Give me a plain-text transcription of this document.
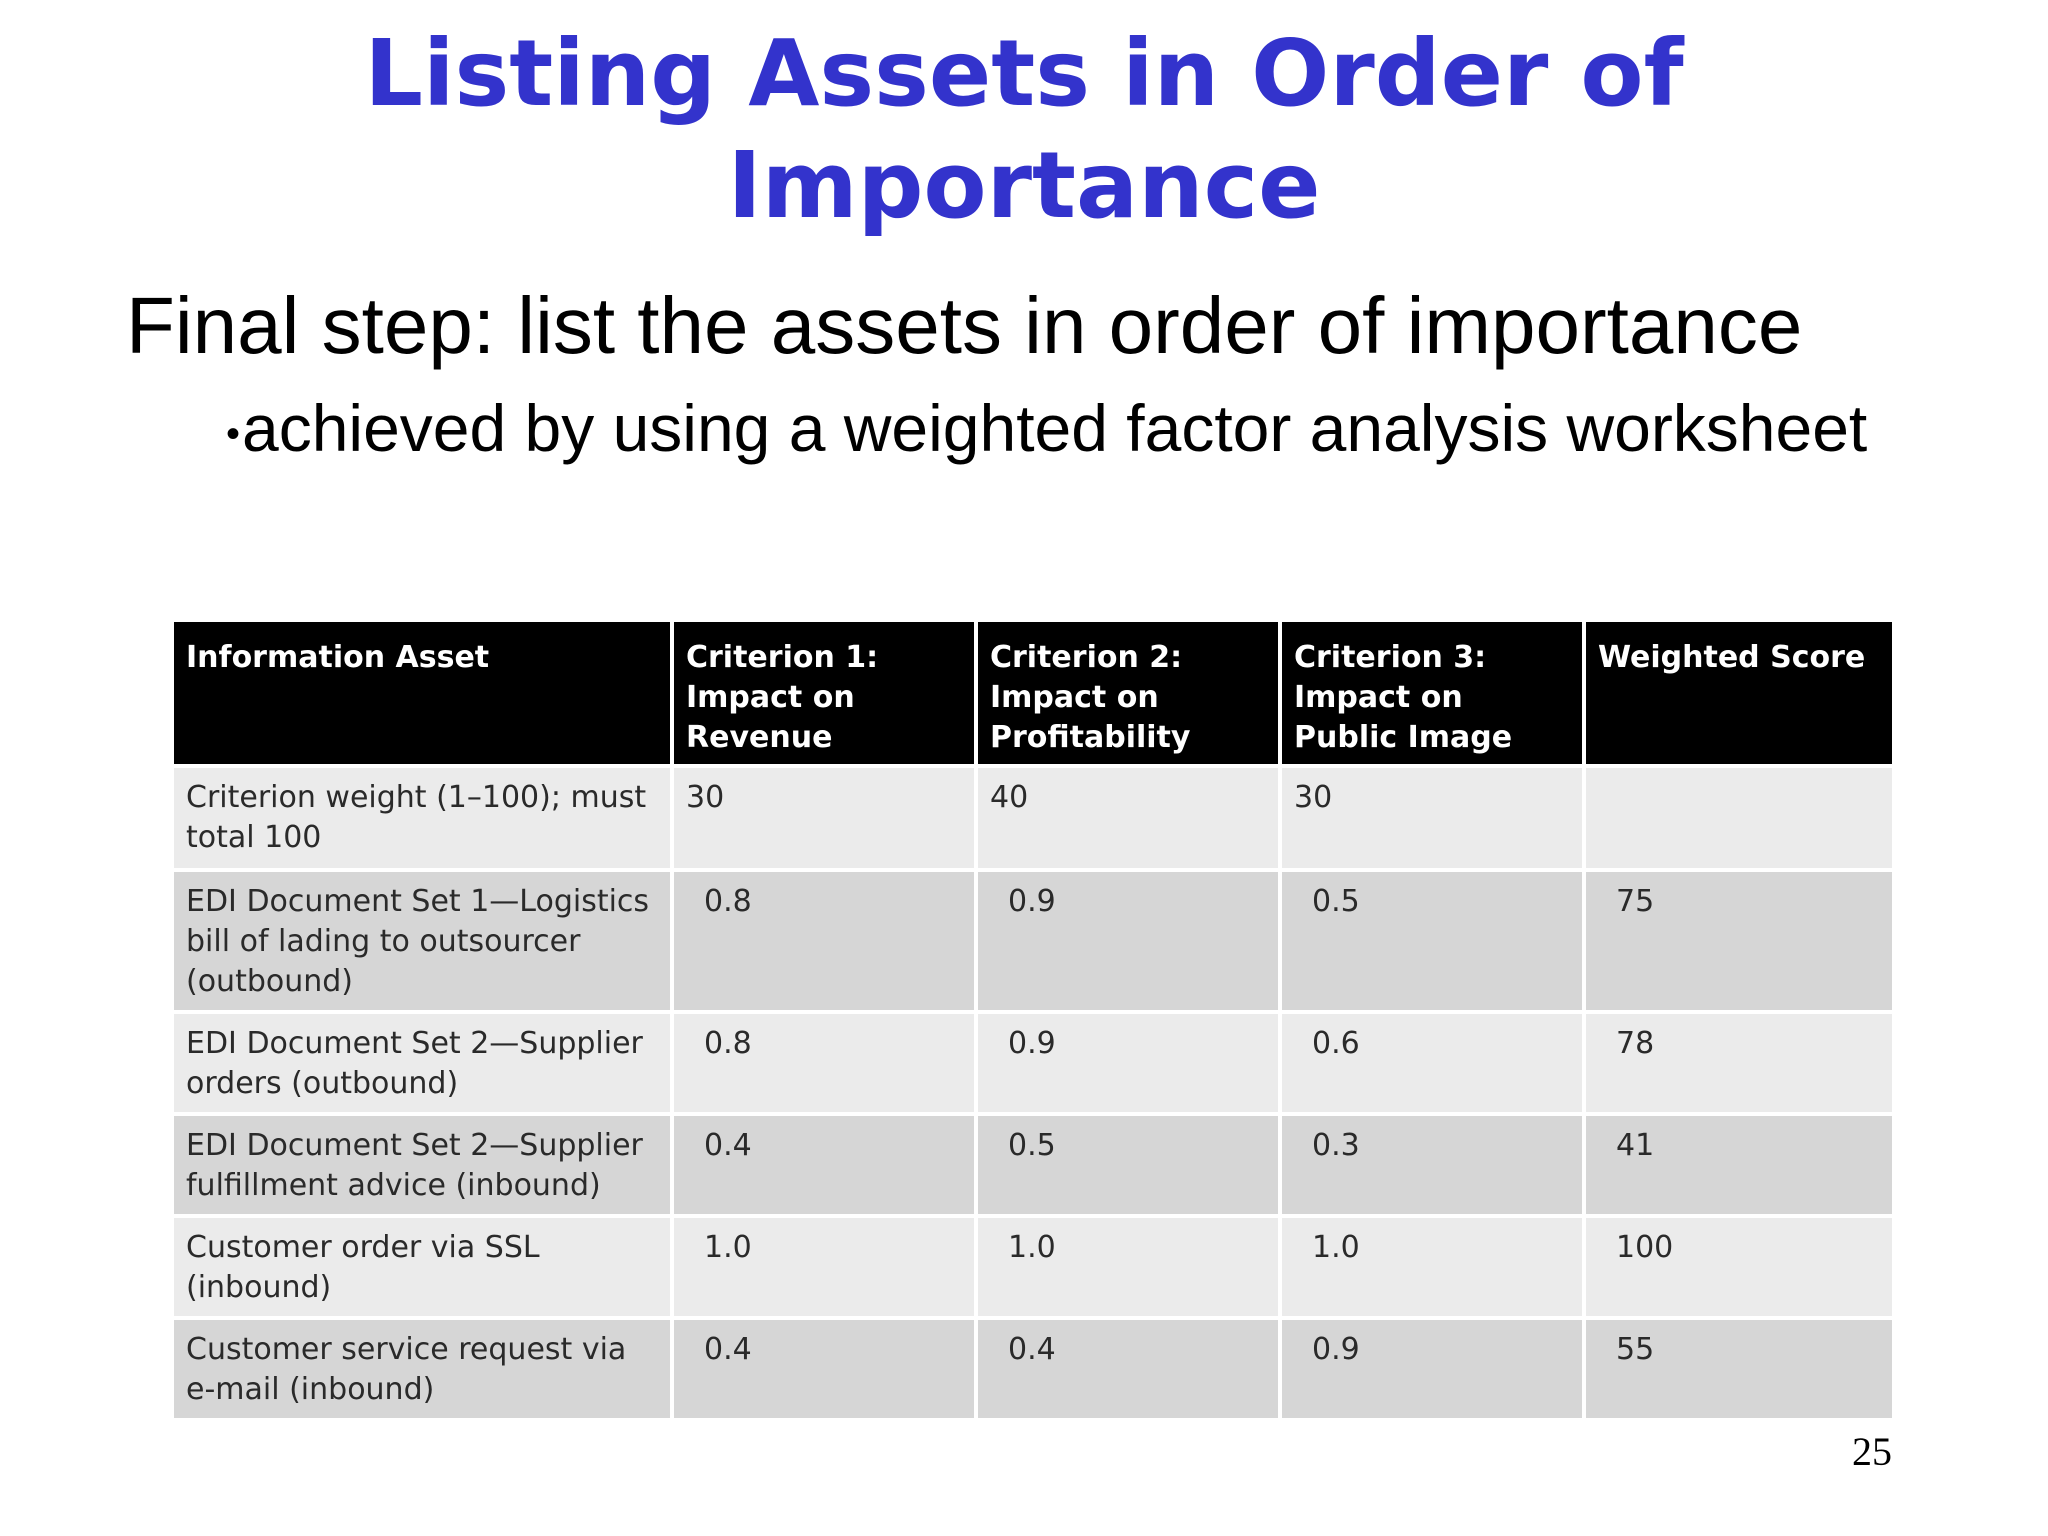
Listing Assets in Order of
Importance
Final step: list the assets in order of importance
•achieved by using a weighted factor analysis worksheet
Information Asset	Criterion 1: Impact on Revenue	Criterion 2: Impact on Profitability	Criterion 3: Impact on Public Image	Weighted Score
Criterion weight (1–100); must total 100	30	40	30	
EDI Document Set 1—Logistics bill of lading to outsourcer (outbound)	0.8	0.9	0.5	75
EDI Document Set 2—Supplier orders (outbound)	0.8	0.9	0.6	78
EDI Document Set 2—Supplier fulfillment advice (inbound)	0.4	0.5	0.3	41
Customer order via SSL (inbound)	1.0	1.0	1.0	100
Customer service request via e-mail (inbound)	0.4	0.4	0.9	55
25
